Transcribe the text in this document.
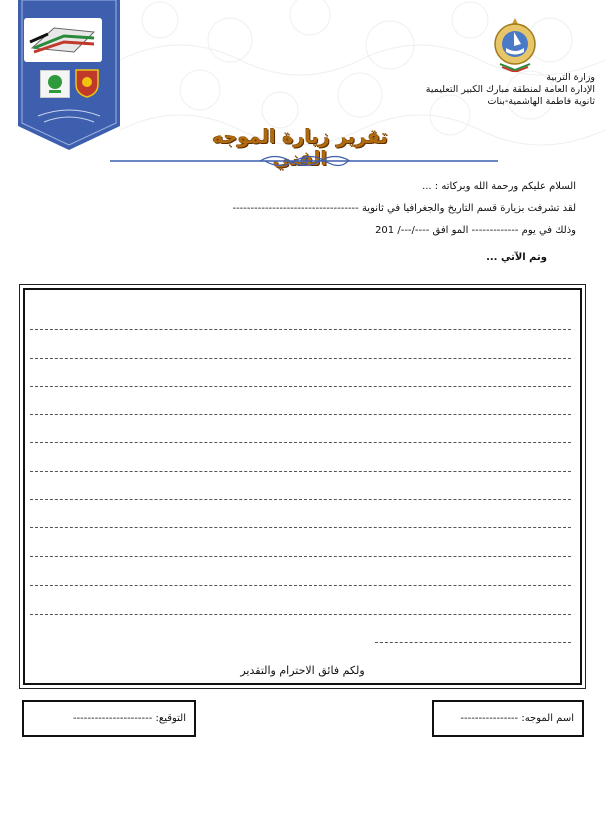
وزارة التربية
الإدارة العامة لمنطقة مبارك الكبير التعليمية
ثانوية فاطمة الهاشمية-بنات
تقرير زيارة الموجه الفني
السلام عليكم ورحمة الله وبركاته : ...
لقد تشرفت بزيارة قسم التاريخ والجغرافيا في ثانوية -----------------------------------
وذلك في يوم ------------- المو افق ----/---/ 201
وتم الآتي ...
ولكم فائق الاحترام والتقدير
اسم الموجه: ----------------
التوقيع: ----------------------
